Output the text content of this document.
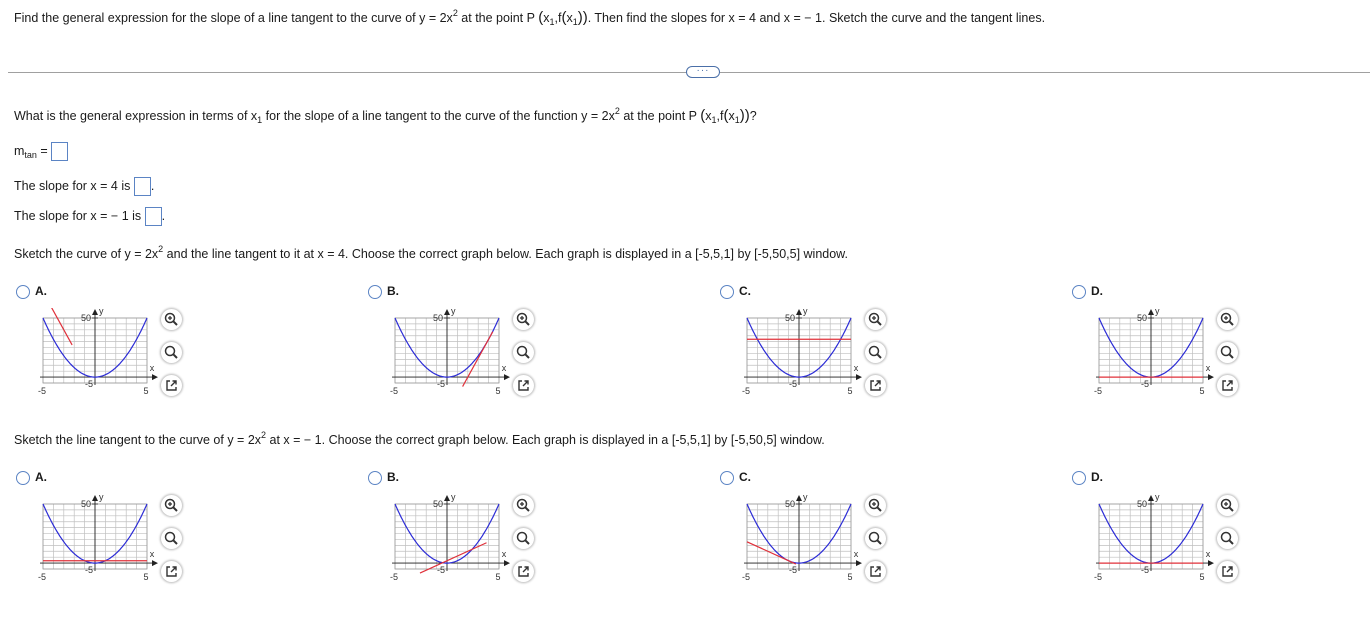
Find the general expression for the slope of a line tangent to the curve of $y = 2x^2$ at the point P $(x_1,f(x_1))$. Then find the slopes for x = 4 and x = − 1. Sketch the curve and the tangent lines.
···
What is the general expression in terms of $x_1$ for the slope of a line tangent to the curve of the function $y = 2x^2$ at the point P $(x_1,f(x_1))$?
$m_{tan}$ =
The slope for x = 4 is .
The slope for x = − 1 is .
Sketch the curve of $y = 2x^2$ and the line tangent to it at x = 4. Choose the correct graph below. Each graph is displayed in a [-5,5,1] by [-5,50,5] window.
Sketch the line tangent to the curve of $y = 2x^2$ at x = − 1. Choose the correct graph below. Each graph is displayed in a [-5,5,1] by [-5,50,5] window.
A.
50
y
x
-5	5
-5
B.
50
y
x
-5	5
-5
C.
50
y
x
-5	5
-5
D.
50
y
x
-5	5
-5
A.
50
y
x
-5	5
-5
B.
50
y
x
-5	5
-5
C.
50
y
x
-5	5
-5
D.
50
y
x
-5	5
-5
